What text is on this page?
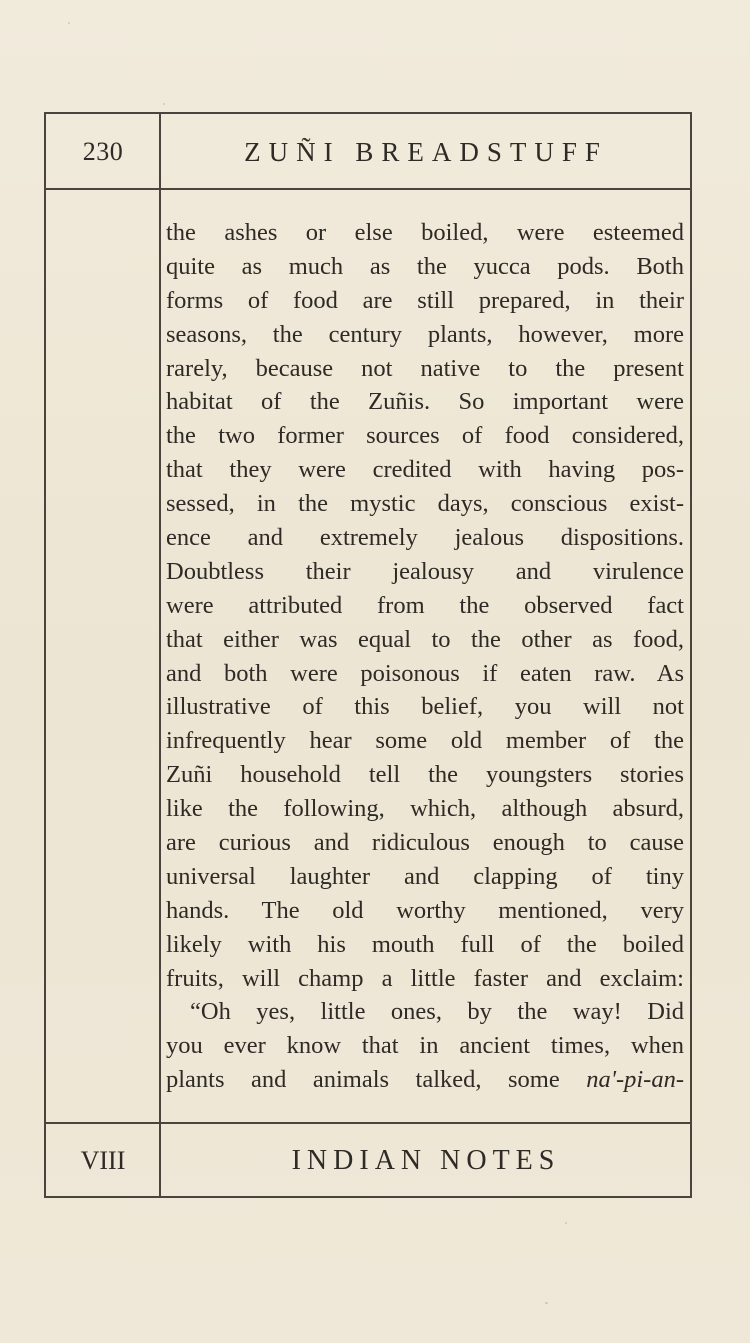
230	ZUÑI BREADSTUFF
the ashes or else boiled, were esteemed
quite as much as the yucca pods. Both
forms of food are still prepared, in their
seasons, the century plants, however, more
rarely, because not native to the present
habitat of the Zuñis. So important were
the two former sources of food considered,
that they were credited with having pos-
sessed, in the mystic days, conscious exist-
ence and extremely jealous dispositions.
Doubtless their jealousy and virulence
were attributed from the observed fact
that either was equal to the other as food,
and both were poisonous if eaten raw. As
illustrative of this belief, you will not
infrequently hear some old member of the
Zuñi household tell the youngsters stories
like the following, which, although absurd,
are curious and ridiculous enough to cause
universal laughter and clapping of tiny
hands. The old worthy mentioned, very
likely with his mouth full of the boiled
fruits, will champ a little faster and exclaim:
“Oh yes, little ones, by the way! Did
you ever know that in ancient times, when
plants and animals talked, some na'-pi-an-
VIII	INDIAN NOTES
